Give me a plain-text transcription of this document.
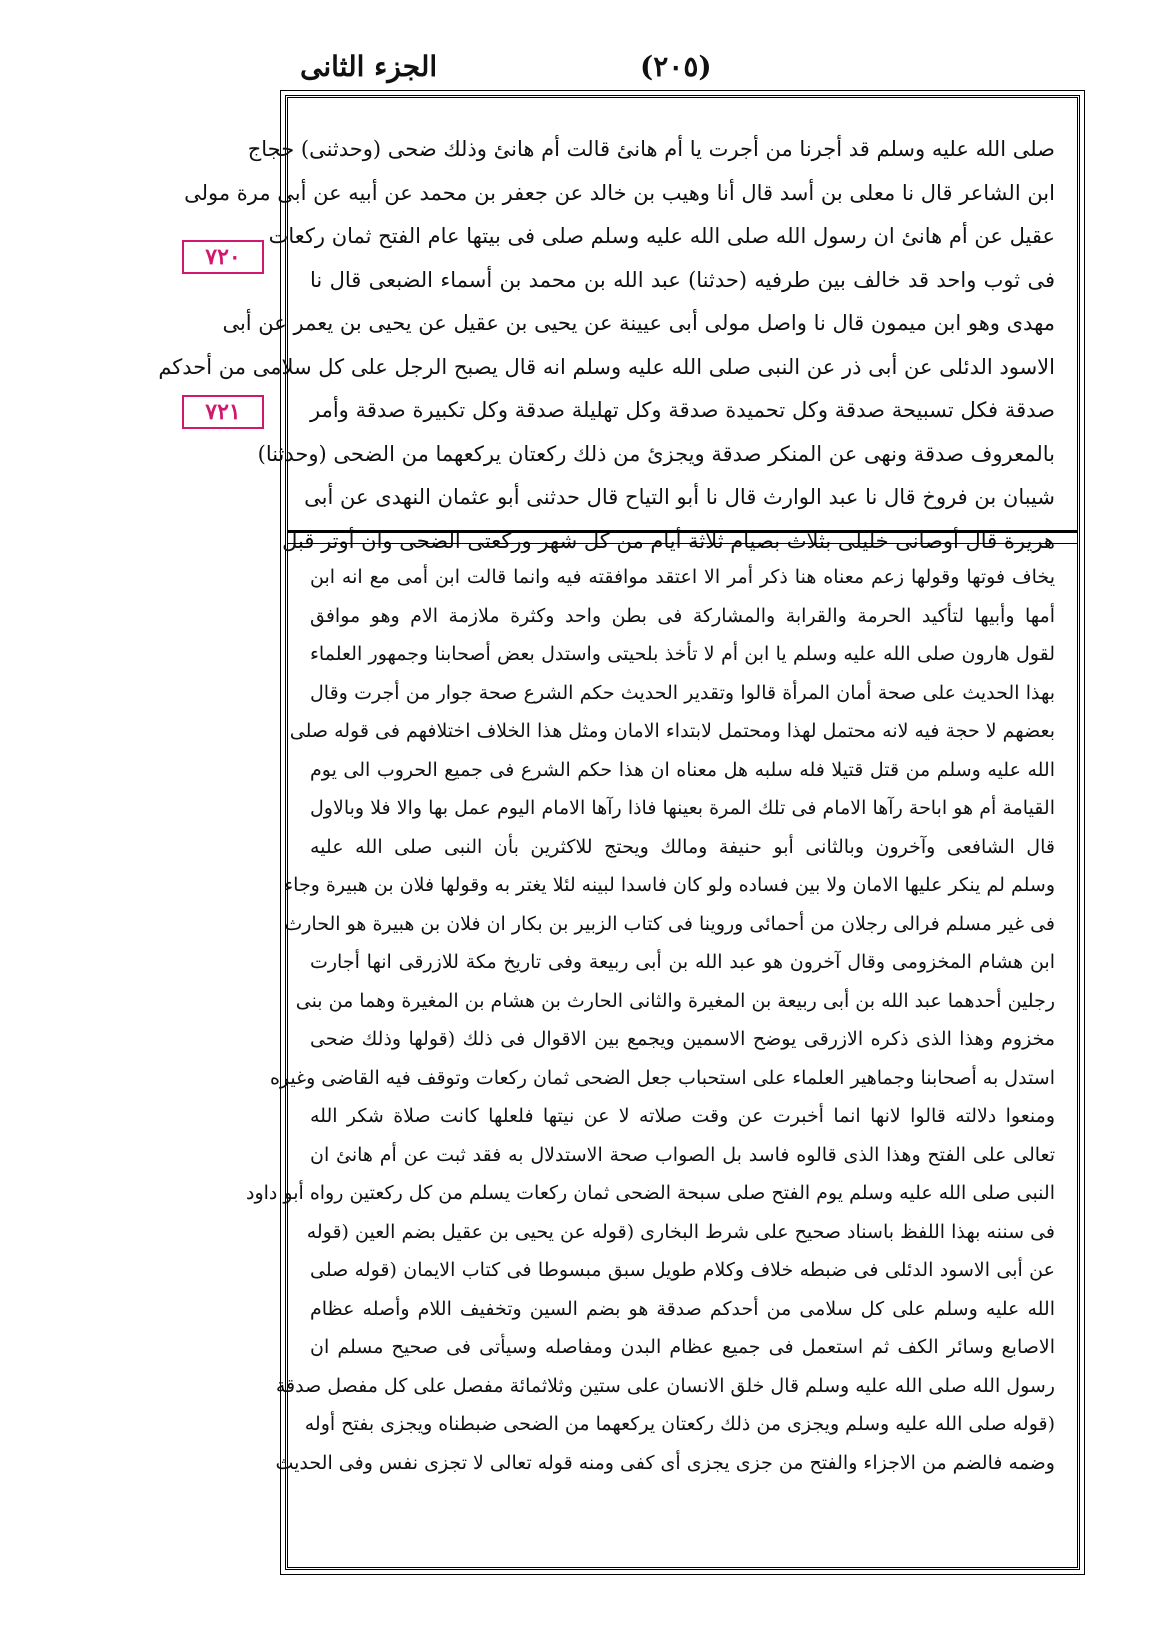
الجزء الثانى	(٢٠٥)
٧٢٠
٧٢١
صلى الله عليه وسلم قد أجرنا من أجرت يا أم هانئ قالت أم هانئ وذلك ضحى (وحدثنى) حجاج
ابن الشاعر قال نا معلى بن أسد قال أنا وهيب بن خالد عن جعفر بن محمد عن أبيه عن أبى مرة مولى
عقيل عن أم هانئ ان رسول الله صلى الله عليه وسلم صلى فى بيتها عام الفتح ثمان ركعات
فى ثوب واحد قد خالف بين طرفيه (حدثنا) عبد الله بن محمد بن أسماء الضبعى قال نا
مهدى وهو ابن ميمون قال نا واصل مولى أبى عيينة عن يحيى بن عقيل عن يحيى بن يعمر عن أبى
الاسود الدئلى عن أبى ذر عن النبى صلى الله عليه وسلم انه قال يصبح الرجل على كل سلامى من أحدكم
صدقة فكل تسبيحة صدقة وكل تحميدة صدقة وكل تهليلة صدقة وكل تكبيرة صدقة وأمر
بالمعروف صدقة ونهى عن المنكر صدقة ويجزئ من ذلك ركعتان يركعهما من الضحى (وحدثنا)
شيبان بن فروخ قال نا عبد الوارث قال نا أبو التياح قال حدثنى أبو عثمان النهدى عن أبى
هريرة قال أوصانى خليلى بثلاث بصيام ثلاثة أيام من كل شهر وركعتى الضحى وان أوتر قبل
يخاف فوتها وقولها زعم معناه هنا ذكر أمر الا اعتقد موافقته فيه وانما قالت ابن أمى مع انه ابن
أمها وأبيها لتأكيد الحرمة والقرابة والمشاركة فى بطن واحد وكثرة ملازمة الام وهو موافق
لقول هارون صلى الله عليه وسلم يا ابن أم لا تأخذ بلحيتى واستدل بعض أصحابنا وجمهور العلماء
بهذا الحديث على صحة أمان المرأة قالوا وتقدير الحديث حكم الشرع صحة جوار من أجرت وقال
بعضهم لا حجة فيه لانه محتمل لهذا ومحتمل لابتداء الامان ومثل هذا الخلاف اختلافهم فى قوله صلى
الله عليه وسلم من قتل قتيلا فله سلبه هل معناه ان هذا حكم الشرع فى جميع الحروب الى يوم
القيامة أم هو اباحة رآها الامام فى تلك المرة بعينها فاذا رآها الامام اليوم عمل بها والا فلا وبالاول
قال الشافعى وآخرون وبالثانى أبو حنيفة ومالك ويحتج للاكثرين بأن النبى صلى الله عليه
وسلم لم ينكر عليها الامان ولا بين فساده ولو كان فاسدا لبينه لئلا يغتر به وقولها فلان بن هبيرة وجاء
فى غير مسلم فرالى رجلان من أحمائى وروينا فى كتاب الزبير بن بكار ان فلان بن هبيرة هو الحارث
ابن هشام المخزومى وقال آخرون هو عبد الله بن أبى ربيعة وفى تاريخ مكة للازرقى انها أجارت
رجلين أحدهما عبد الله بن أبى ربيعة بن المغيرة والثانى الحارث بن هشام بن المغيرة وهما من بنى
مخزوم وهذا الذى ذكره الازرقى يوضح الاسمين ويجمع بين الاقوال فى ذلك (قولها وذلك ضحى
استدل به أصحابنا وجماهير العلماء على استحباب جعل الضحى ثمان ركعات وتوقف فيه القاضى وغيره
ومنعوا دلالته قالوا لانها انما أخبرت عن وقت صلاته لا عن نيتها فلعلها كانت صلاة شكر الله
تعالى على الفتح وهذا الذى قالوه فاسد بل الصواب صحة الاستدلال به فقد ثبت عن أم هانئ ان
النبى صلى الله عليه وسلم يوم الفتح صلى سبحة الضحى ثمان ركعات يسلم من كل ركعتين رواه أبو داود
فى سننه بهذا اللفظ باسناد صحيح على شرط البخارى (قوله عن يحيى بن عقيل بضم العين (قوله
عن أبى الاسود الدئلى فى ضبطه خلاف وكلام طويل سبق مبسوطا فى كتاب الايمان (قوله صلى
الله عليه وسلم على كل سلامى من أحدكم صدقة هو بضم السين وتخفيف اللام وأصله عظام
الاصابع وسائر الكف ثم استعمل فى جميع عظام البدن ومفاصله وسيأتى فى صحيح مسلم ان
رسول الله صلى الله عليه وسلم قال خلق الانسان على ستين وثلاثمائة مفصل على كل مفصل صدقة
(قوله صلى الله عليه وسلم ويجزى من ذلك ركعتان يركعهما من الضحى ضبطناه ويجزى بفتح أوله
وضمه فالضم من الاجزاء والفتح من جزى يجزى أى كفى ومنه قوله تعالى لا تجزى نفس وفى الحديث
